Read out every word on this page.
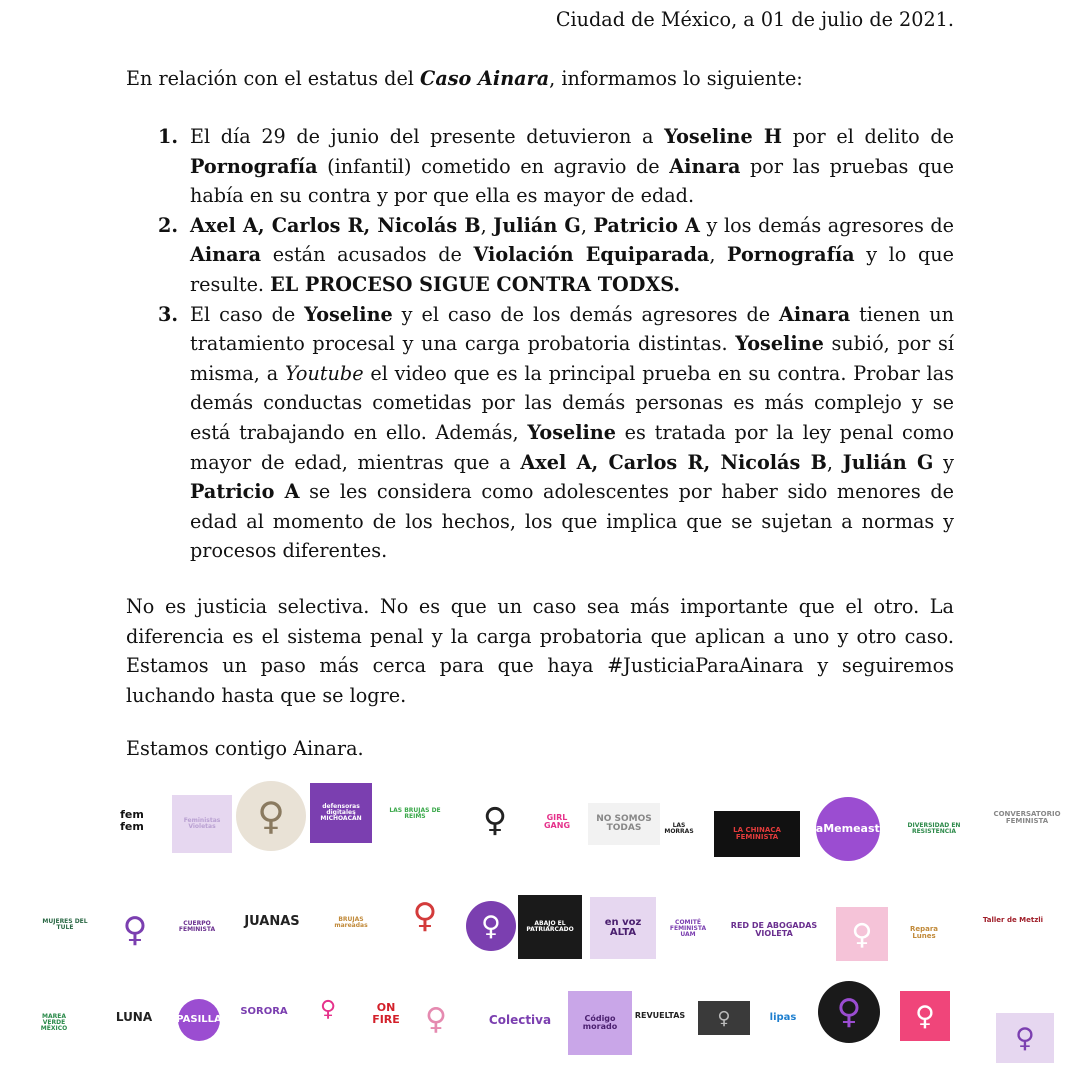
Ciudad de México, a 01 de julio de 2021.
En relación con el estatus del Caso Ainara, informamos lo siguiente:
1. El día 29 de junio del presente detuvieron a Yoseline H por el delito de Pornografía (infantil) cometido en agravio de Ainara por las pruebas que había en su contra y por que ella es mayor de edad.
2. Axel A, Carlos R, Nicolás B, Julián G, Patricio A y los demás agresores de Ainara están acusados de Violación Equiparada, Pornografía y lo que resulte. EL PROCESO SIGUE CONTRA TODXS.
3. El caso de Yoseline y el caso de los demás agresores de Ainara tienen un tratamiento procesal y una carga probatoria distintas. Yoseline subió, por sí misma, a Youtube el video que es la principal prueba en su contra. Probar las demás conductas cometidas por las demás personas es más complejo y se está trabajando en ello. Además, Yoseline es tratada por la ley penal como mayor de edad, mientras que a Axel A, Carlos R, Nicolás B, Julián G y Patricio A se les considera como adolescentes por haber sido menores de edad al momento de los hechos, los que implica que se sujetan a normas y procesos diferentes.
No es justicia selectiva. No es que un caso sea más importante que el otro. La diferencia es el sistema penal y la carga probatoria que aplican a uno y otro caso. Estamos un paso más cerca para que haya #JusticiaParaAinara y seguiremos luchando hasta que se logre.
Estamos contigo Ainara.
fem fem	Feministas Violetas	♀	defensoras digitales MICHOACÁN
LAS BRUJAS DE REIMS	♀	GIRL GANG
NO SOMOS TODAS	LAS MORRAS	LA CHINACA FEMINISTA
LaMemeasta	DIVERSIDAD EN RESISTENCIA
CONVERSATORIO FEMINISTA
MUJERES DEL TULE	♀	CUERPO FEMINISTA
JUANAS	BRUJAS mareadas ♀ ♀	ABAJO EL PATRIARCADO
en voz ALTA
COMITÉ FEMINISTA UAM
RED DE ABOGADAS VIOLETA	♀	Repara Lunes
Taller de Metzli
MAREA VERDE MÉXICO
LUNA PASILLA
SORORA ♀	ON FIRE ♀	Colectiva	Código morado
REVUELTAS ♀	lipas ♀ ♀
♀
